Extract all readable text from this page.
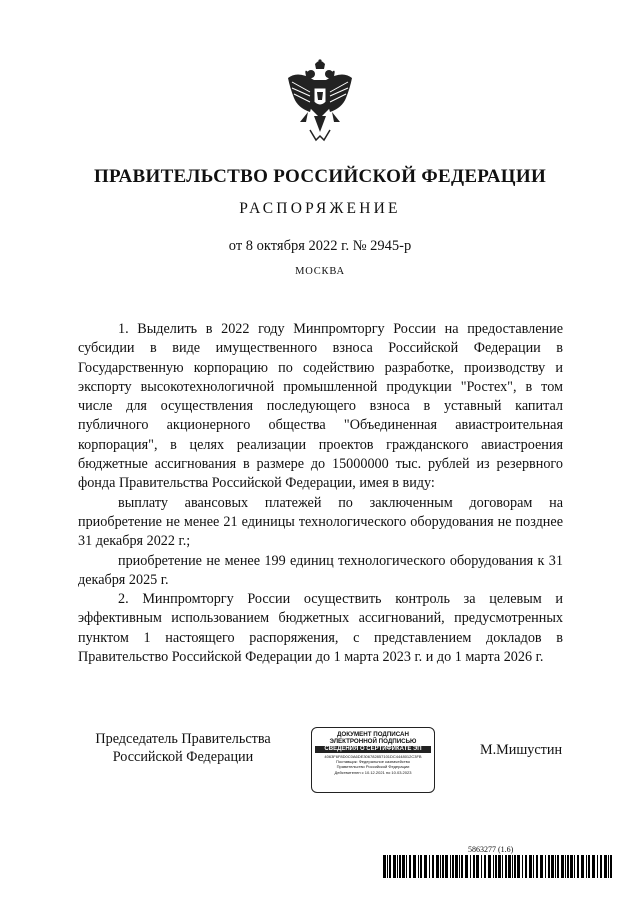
ПРАВИТЕЛЬСТВО РОССИЙСКОЙ ФЕДЕРАЦИИ
РАСПОРЯЖЕНИЕ
от 8 октября 2022 г. № 2945-р
МОСКВА

1. Выделить в 2022 году Минпромторгу России на предоставление субсидии в виде имущественного взноса Российской Федерации в Государственную корпорацию по содействию разработке, производству и экспорту высокотехнологичной промышленной продукции "Ростех", в том числе для осуществления последующего взноса в уставный капитал публичного акционерного общества "Объединенная авиастроительная корпорация", в целях реализации проектов гражданского авиастроения бюджетные ассигнования в размере до 15000000 тыс. рублей из резервного фонда Правительства Российской Федерации, имея в виду:

выплату авансовых платежей по заключенным договорам на приобретение не менее 21 единицы технологического оборудования не позднее 31 декабря 2022 г.;

приобретение не менее 199 единиц технологического оборудования к 31 декабря 2025 г.

2. Минпромторгу России осуществить контроль за целевым и эффективным использованием бюджетных ассигнований, предусмотренных пунктом 1 настоящего распоряжения, с представлением докладов в Правительство Российской Федерации до 1 марта 2023 г. и до 1 марта 2026 г.

Председатель Правительства
Российской Федерации
ДОКУМЕНТ ПОДПИСАН
ЭЛЕКТРОННОЙ ПОДПИСЬЮ
СВЕДЕНИЯ О СЕРТИФИКАТЕ ЭП
4063F6F8D0C0A6DE306782857101DC4448012C3FB
Поставщик: Федеральное казначейство
Правительство Российской Федерации
Действителен с 10.12.2021 по 10.03.2023
М.Мишустин
5863277 (1.6)
